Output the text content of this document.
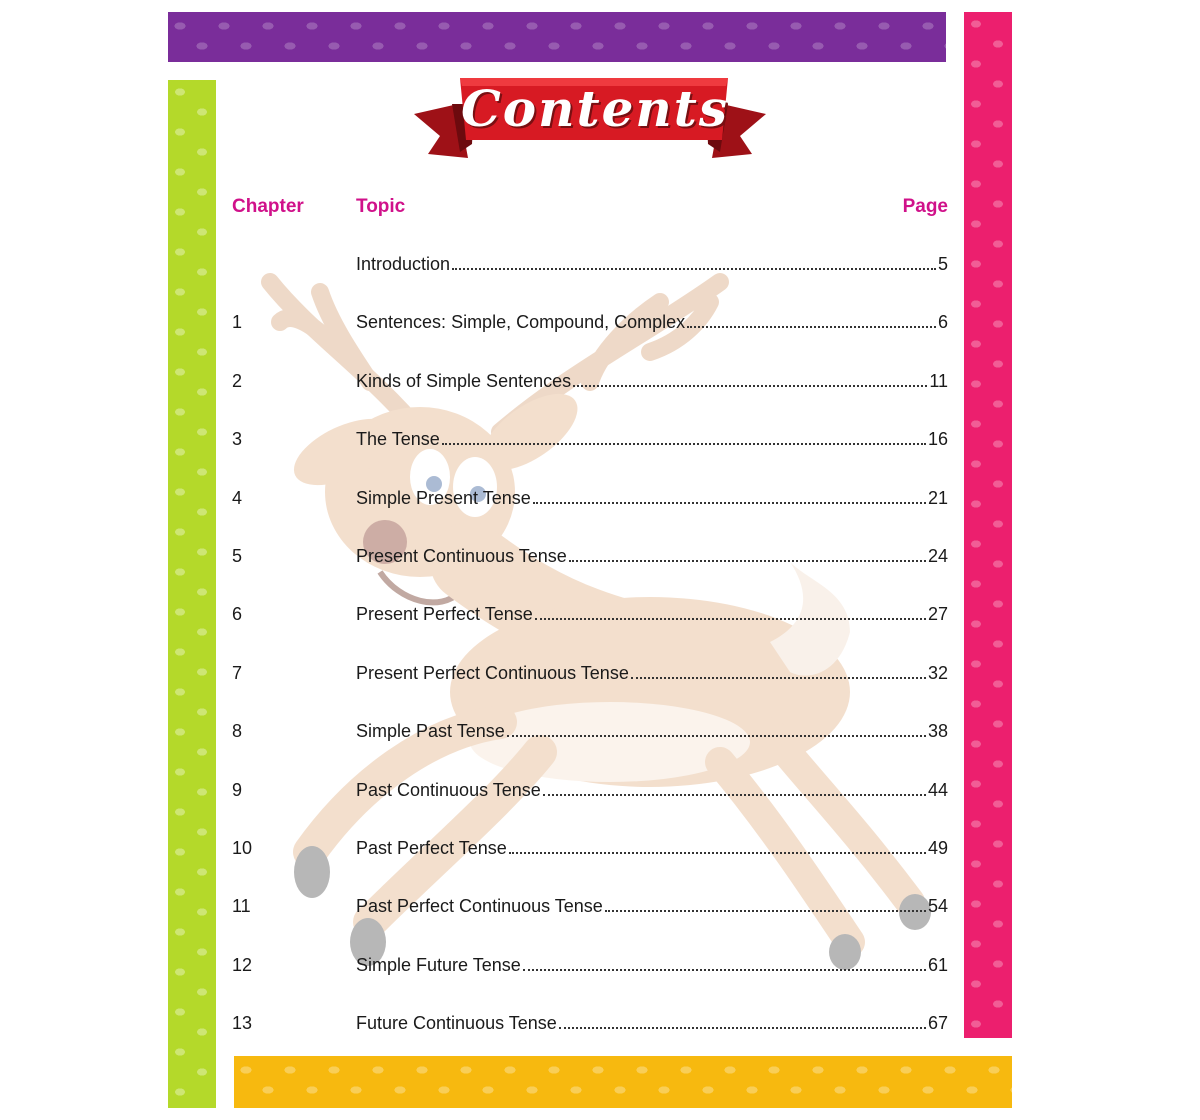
Contents
Chapter	Topic	Page
Introduction	5
1	Sentences: Simple, Compound, Complex	6
2	Kinds of Simple Sentences	11
3	The Tense	16
4	Simple Present Tense	21
5	Present Continuous Tense	24
6	Present Perfect Tense	27
7	Present Perfect Continuous Tense	32
8	Simple Past Tense	38
9	Past Continuous Tense	44
10	Past Perfect Tense	49
11	Past Perfect Continuous Tense	54
12	Simple Future Tense	61
13	Future Continuous Tense	67
